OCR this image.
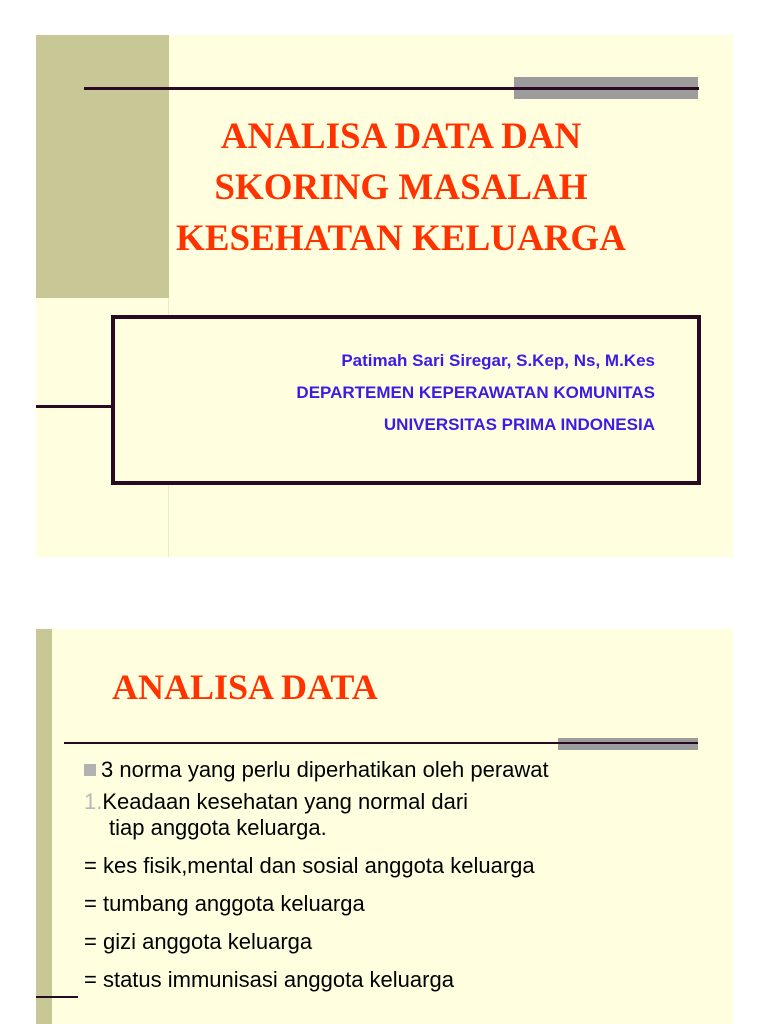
ANALISA DATA DAN
SKORING MASALAH
KESEHATAN KELUARGA
Patimah Sari Siregar, S.Kep, Ns, M.Kes
DEPARTEMEN KEPERAWATAN KOMUNITAS
UNIVERSITAS PRIMA INDONESIA
ANALISA DATA
3 norma yang perlu diperhatikan oleh perawat
1.Keadaan kesehatan yang normal dari
tiap anggota keluarga.
= kes fisik,mental dan sosial anggota keluarga
= tumbang anggota keluarga
= gizi anggota keluarga
= status immunisasi anggota keluarga
